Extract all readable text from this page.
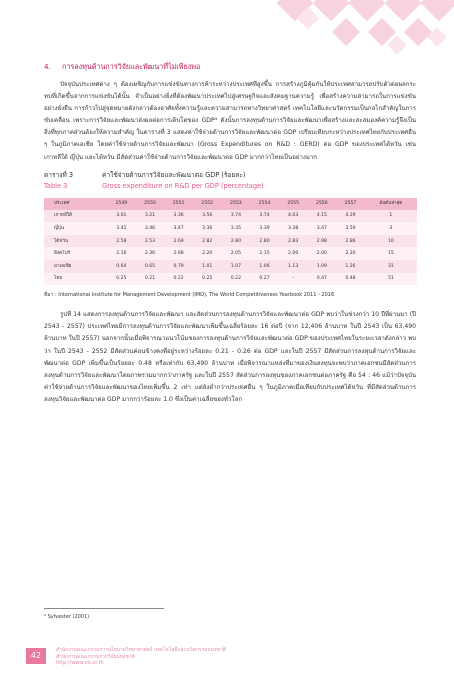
4. การลงทุนด้านการวิจัยและพัฒนาที่ไม่เพียงพอ

ปัจจุบันประเทศต่าง ๆ ต้องเผชิญกับการแข่งขันทางการค้าระหว่างประเทศที่สูงขึ้น การสร้างภูมิคุ้มกันให้ประเทศสามารถปรับตัวต่อผลกระทบที่เกิดขึ้นจากการแข่งขันได้นั้น จำเป็นอย่างยิ่งที่ต้องพัฒนาประเทศไปสู่เศรษฐกิจและสังคมฐานความรู้ เพื่อสร้างความสามารถในการแข่งขันอย่างยั่งยืน การก้าวไปสู่จุดหมายดังกล่าวต้องอาศัยทั้งความรู้และความสามารถทางวิทยาศาสตร์ เทคโนโลยีและนวัตกรรมเป็นกลไกสำคัญในการขับเคลื่อน เพราะการวิจัยและพัฒนาส่งผลต่อการเติบโตของ GDP⁴ ดังนั้นการลงทุนด้านการวิจัยและพัฒนาเพื่อสร้างและสะสมองค์ความรู้จึงเป็นสิ่งที่ทุกภาคส่วนต้องให้ความสำคัญ ในตารางที่ 3 แสดงค่าใช้จ่ายด้านการวิจัยและพัฒนาต่อ GDP เปรียบเทียบระหว่างประเทศไทยกับประเทศอื่น ๆ ในภูมิภาคเอเชีย โดยค่าใช้จ่ายด้านการวิจัยและพัฒนา (Gross Expenditures on R&D : GERD) ต่อ GDP ของประเทศไต้หวัน เช่น เกาหลีใต้ ญี่ปุ่น และไต้หวัน มีสัดส่วนค่าใช้จ่ายด้านการวิจัยและพัฒนาต่อ GDP มากกว่าไทยเป็นอย่างมาก

ตารางที่ 3	ค่าใช้จ่ายด้านการวิจัยและพัฒนาต่อ GDP (ร้อยละ)
Table 3	Gross expenditure on R&D per GDP (percentage)
ประเทศ	2549	2550	2551	2552	2553	2554	2555	2556	2557	อันดับล่าสุด
เกาหลีใต้	3.01	3.21	3.36	3.56	3.74	3.74	4.03	4.15	4.29	1
ญี่ปุ่น	3.41	3.46	3.47	3.36	3.35	3.39	3.38	3.47	3.59	3
ไต้หวัน	2.58	2.53	2.69	2.82	2.80	2.80	2.83	2.98	2.86	10
สิงคโปร์	2.16	2.36	2.68	2.20	2.05	2.15	2.00	2.00	2.20	15
มาเลเซีย	0.64	0.65	0.79	1.01	1.07	1.06	1.13	1.09	1.26	31
ไทย	0.25	0.21	0.22	0.25	0.22	0.27	-	0.47	0.48	51
ที่มา : International Institute for Management Development (IMD), The World Competitiveness Yearbook 2011 - 2016

รูปที่ 14 แสดงการลงทุนด้านการวิจัยและพัฒนา และสัดส่วนการลงทุนด้านการวิจัยและพัฒนาต่อ GDP พบว่าในช่วงกว่า 10 ปีที่ผ่านมา (ปี 2543 - 2557) ประเทศไทยมีการลงทุนด้านการวิจัยและพัฒนาเพิ่มขึ้นเฉลี่ยร้อยละ 16 ต่อปี (จาก 12,406 ล้านบาท ในปี 2543 เป็น 63,490 ล้านบาท ในปี 2557) นอกจากนั้นเมื่อพิจารณาแนวโน้มของการลงทุนด้านการวิจัยและพัฒนาต่อ GDP ของประเทศไทยในระยะเวลาดังกล่าว พบว่า ในปี 2543 - 2552 มีสัดส่วนค่อนข้างคงที่อยู่ระหว่างร้อยละ 0.21 - 0.26 ต่อ GDP และในปี 2557 มีสัดส่วนการลงทุนด้านการวิจัยและพัฒนาต่อ GDP เพิ่มขึ้นเป็นร้อยละ 0.48 หรือเท่ากับ 63,490 ล้านบาท เมื่อพิจารณาแหล่งที่มาของเงินลงทุนจะพบว่าภาคเอกชนมีสัดส่วนการลงทุนด้านการวิจัยและพัฒนาโดยภาพรวมมากกว่าภาครัฐ และในปี 2557 สัดส่วนการลงทุนของภาคเอกชนต่อภาครัฐ คือ 54 : 46 แม้ว่าปัจจุบันค่าใช้จ่ายด้านการวิจัยและพัฒนาของไทยเพิ่มขึ้น 2 เท่า แต่ยังต่ำกว่าประเทศอื่น ๆ ในภูมิภาคเมื่อเทียบกับประเทศไต้หวัน ที่มีสัดส่วนด้านการลงทุนวิจัยและพัฒนาต่อ GDP มากกว่าร้อยละ 1.0 ซึ่งเป็นค่าเฉลี่ยของทั่วโลก

⁴ Sylvester (2001)
42
สำนักงานคณะกรรมการนโยบายวิทยาศาสตร์ เทคโนโลยีและนวัตกรรมแห่งชาติ
สำนักงานคณะกรรมการวิจัยแห่งชาติ
http://www.sti.or.th
